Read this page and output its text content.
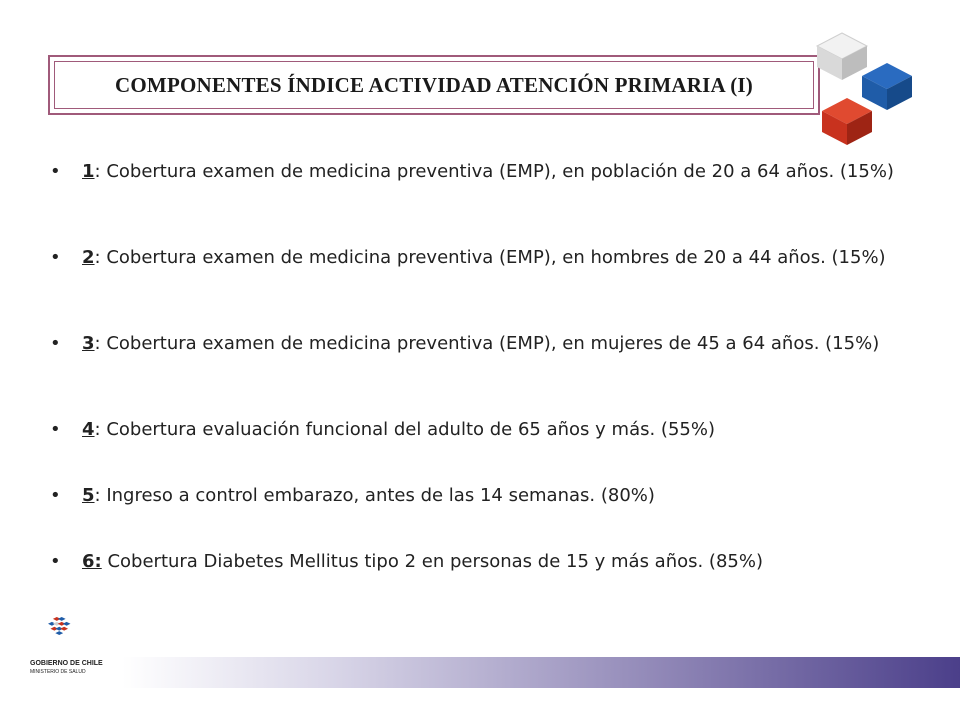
COMPONENTES ÍNDICE ACTIVIDAD ATENCIÓN PRIMARIA (I)
• 1: Cobertura examen de medicina preventiva (EMP), en población de 20 a 64 años. (15%)
• 2: Cobertura examen de medicina preventiva (EMP), en hombres de 20 a 44 años. (15%)
• 3: Cobertura examen de medicina preventiva (EMP), en mujeres de 45 a 64 años. (15%)
• 4: Cobertura evaluación funcional del adulto de 65 años y más. (55%)
• 5: Ingreso a control embarazo, antes de las 14 semanas. (80%)
• 6: Cobertura Diabetes Mellitus tipo 2 en personas de 15 y más años. (85%)
GOBIERNO DE CHILE
MINISTERIO DE SALUD
